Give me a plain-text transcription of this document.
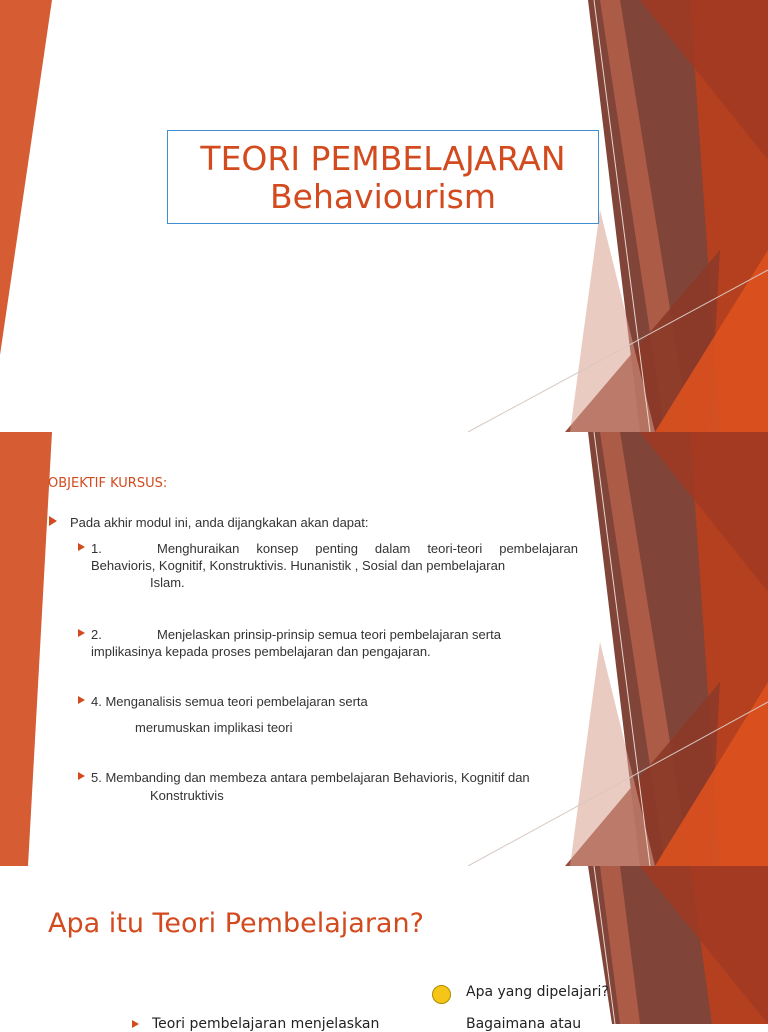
TEORI PEMBELAJARAN
Behaviourism
OBJEKTIF KURSUS:
Pada akhir modul ini, anda dijangkakan akan dapat:
1.	Menghuraikan konsep penting dalam teori-teori pembelajaran Behavioris, Kognitif, Konstruktivis. Hunanistik , Sosial dan pembelajaran
Islam.
2.	Menjelaskan prinsip-prinsip semua teori pembelajaran serta implikasinya kepada proses pembelajaran dan pengajaran.
4. Menganalisis semua teori pembelajaran serta
merumuskan implikasi teori
5. Membanding dan membeza antara pembelajaran Behavioris, Kognitif dan
Konstruktivis
Apa itu Teori Pembelajaran?
Apa yang dipelajari?
Teori pembelajaran menjelaskan	Bagaimana atau
